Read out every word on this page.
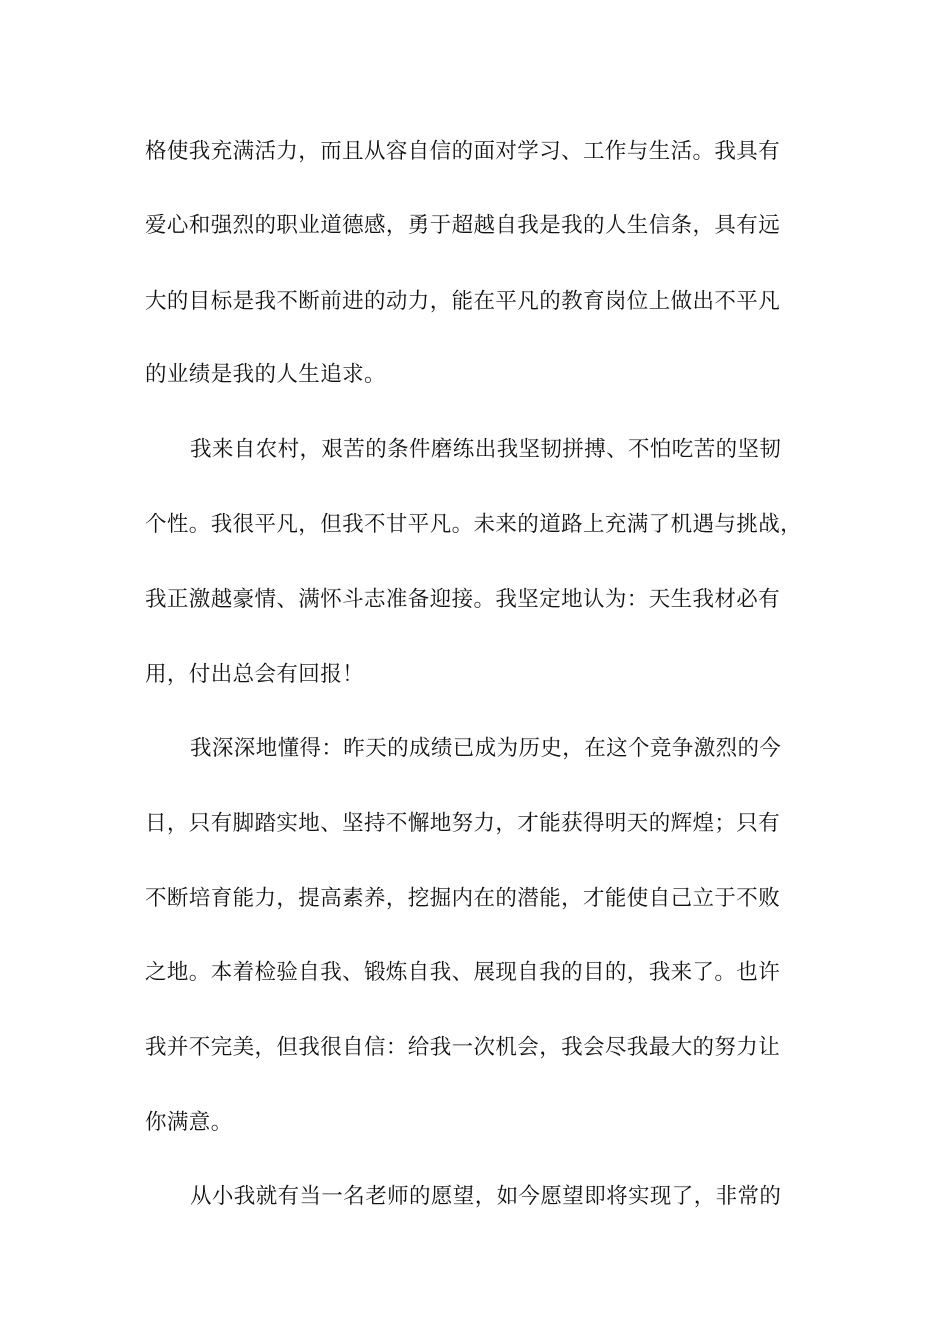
格使我充满活力，而且从容自信的面对学习、工作与生活。我具有
爱心和强烈的职业道德感，勇于超越自我是我的人生信条，具有远
大的目标是我不断前进的动力，能在平凡的教育岗位上做出不平凡
的业绩是我的人生追求。
我来自农村，艰苦的条件磨练出我坚韧拼搏、不怕吃苦的坚韧
个性。我很平凡，但我不甘平凡。未来的道路上充满了机遇与挑战，
我正激越豪情、满怀斗志准备迎接。我坚定地认为：天生我材必有
用，付出总会有回报！
我深深地懂得：昨天的成绩已成为历史，在这个竞争激烈的今
日，只有脚踏实地、坚持不懈地努力，才能获得明天的辉煌；只有
不断培育能力，提高素养，挖掘内在的潜能，才能使自己立于不败
之地。本着检验自我、锻炼自我、展现自我的目的，我来了。也许
我并不完美，但我很自信：给我一次机会，我会尽我最大的努力让
你满意。
从小我就有当一名老师的愿望，如今愿望即将实现了，非常的
